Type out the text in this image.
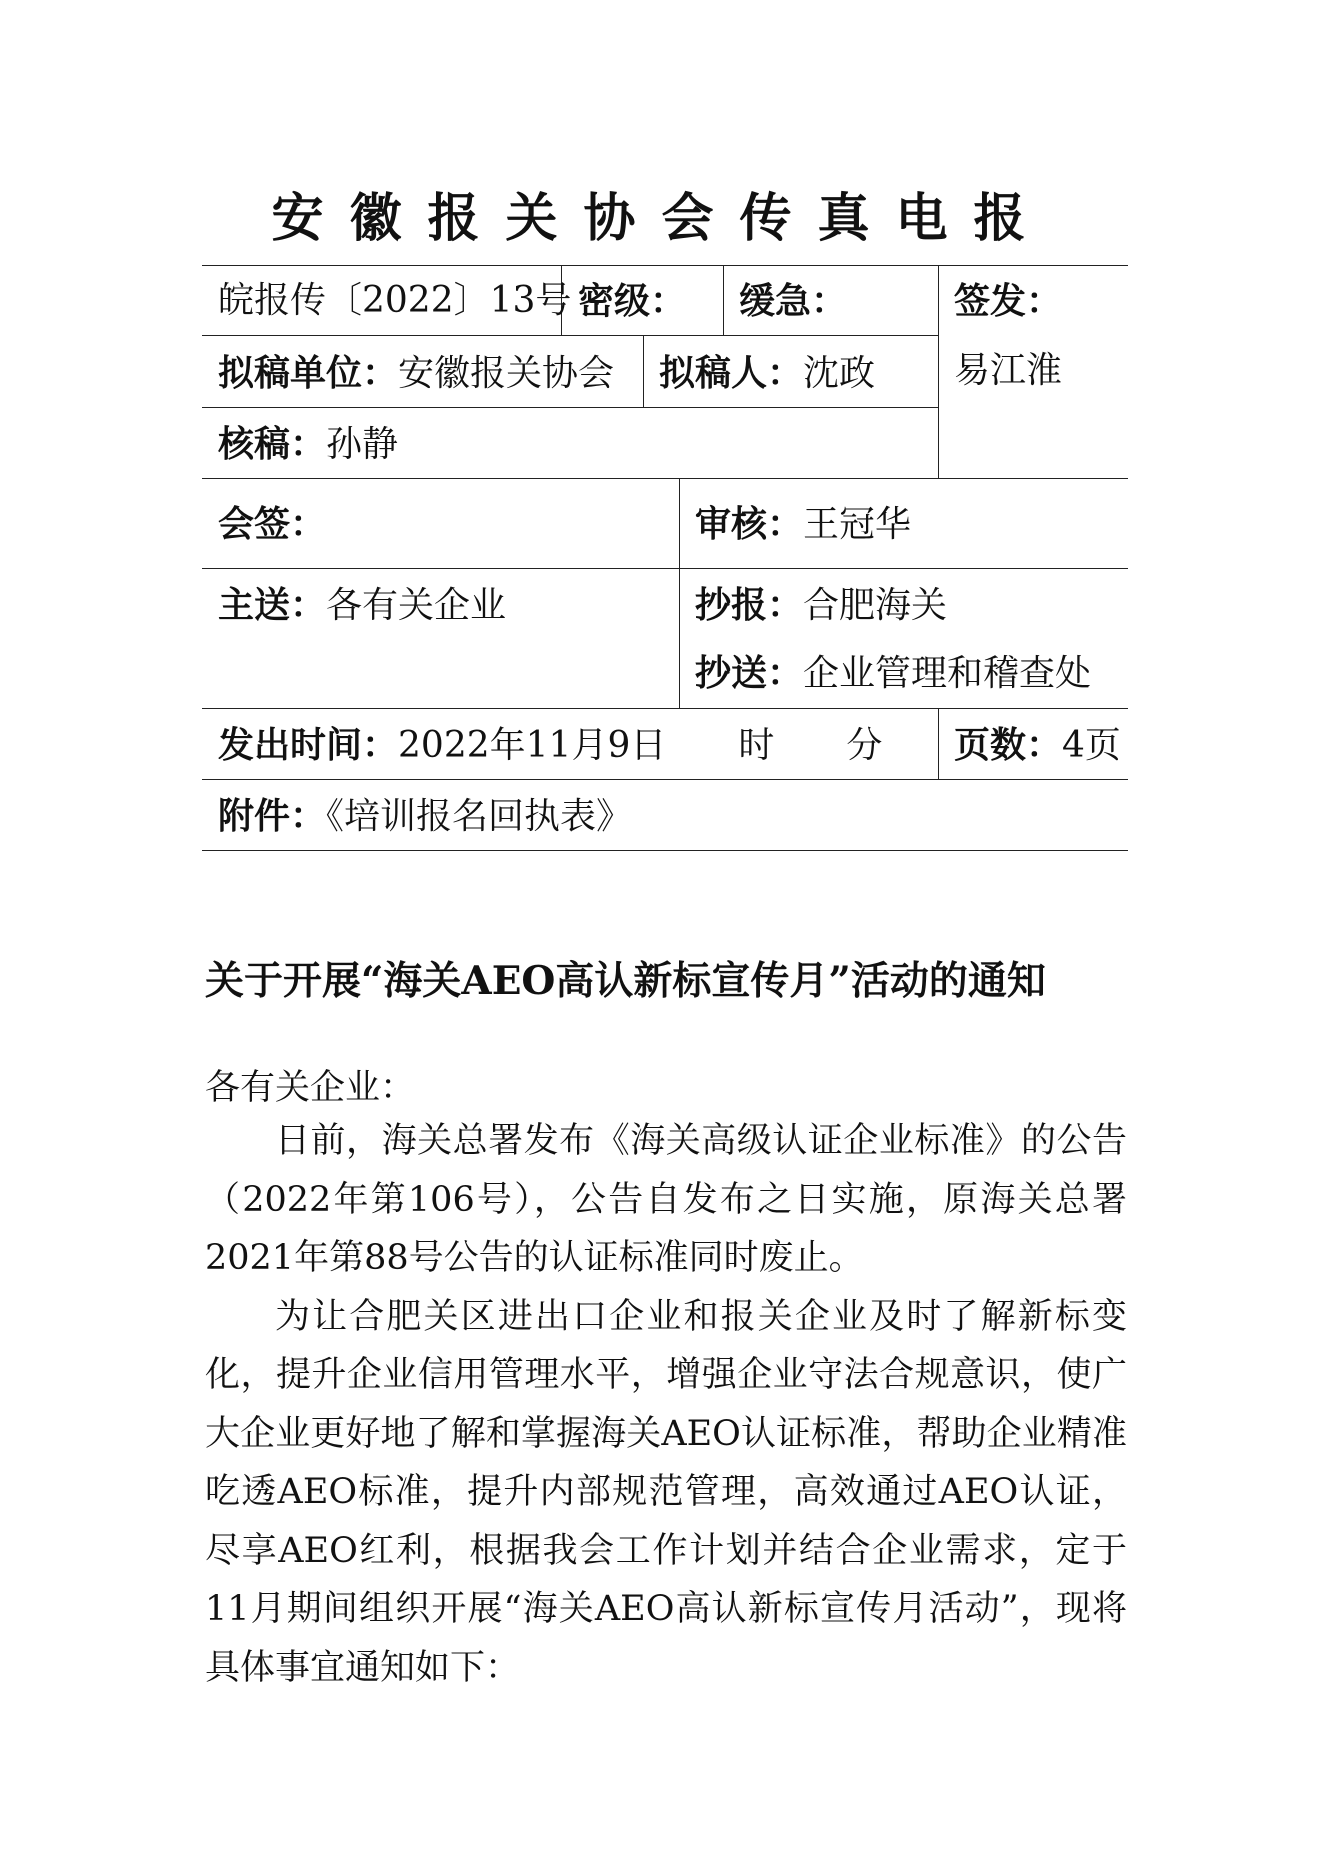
安徽报关协会传真电报
皖报传〔2022〕13号 密级： 缓急：	签发：
易江淮
拟稿单位：安徽报关协会 拟稿人：沈政
核稿：孙静
会签：	审核：王冠华
主送：各有关企业	抄报：合肥海关
抄送：企业管理和稽查处
发出时间：2022年11月9日　　时　　分 页数：4页
附件：《培训报名回执表》
关于开展“海关AEO高认新标宣传月”活动的通知
各有关企业：

日前，海关总署发布《海关高级认证企业标准》的公告（2022年第106号），公告自发布之日实施，原海关总署2021年第88号公告的认证标准同时废止。

为让合肥关区进出口企业和报关企业及时了解新标变化，提升企业信用管理水平，增强企业守法合规意识，使广大企业更好地了解和掌握海关AEO认证标准，帮助企业精准吃透AEO标准，提升内部规范管理，高效通过AEO认证，尽享AEO红利，根据我会工作计划并结合企业需求，定于11月期间组织开展“海关AEO高认新标宣传月活动”，现将具体事宜通知如下：
